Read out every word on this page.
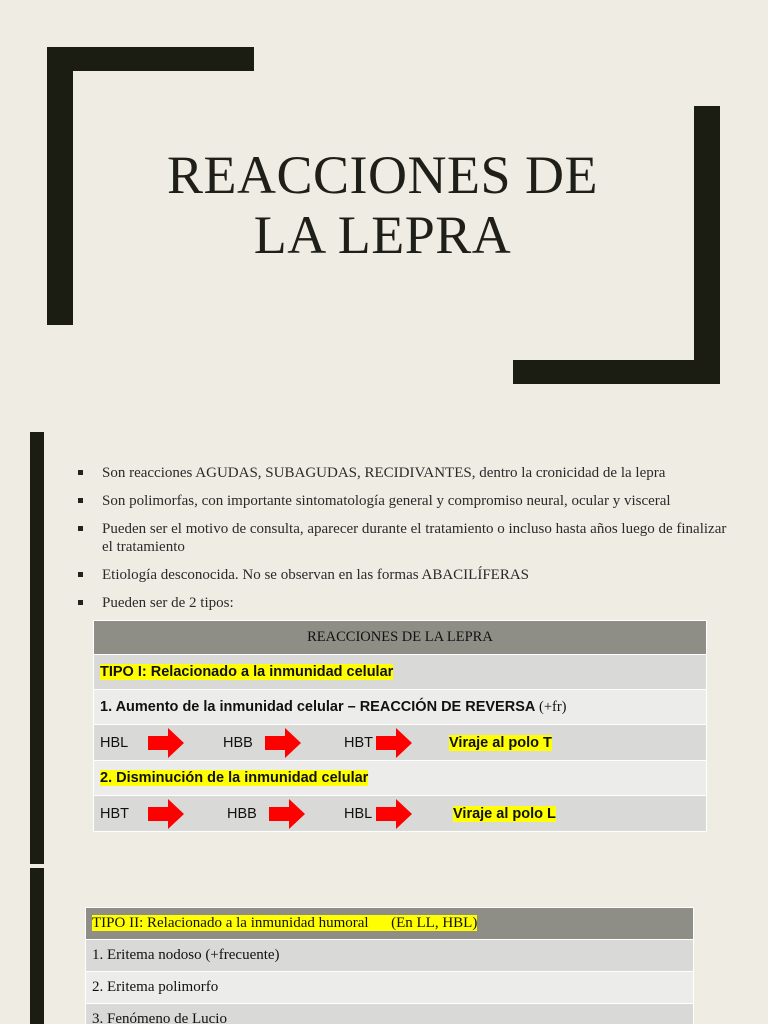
REACCIONES DE
LA LEPRA
Son reacciones AGUDAS, SUBAGUDAS, RECIDIVANTES, dentro la cronicidad de la lepra
Son polimorfas, con importante sintomatología general y compromiso neural, ocular y visceral
Pueden ser el motivo de consulta, aparecer durante el tratamiento o incluso hasta años luego de finalizar el tratamiento
Etiología desconocida. No se observan en las formas ABACILÍFERAS
Pueden ser de 2 tipos:
REACCIONES DE LA LEPRA
TIPO I: Relacionado a la inmunidad celular
1. Aumento de la inmunidad celular – REACCIÓN DE REVERSA (+fr)

HBL	HBB	HBT	Viraje al polo T

2. Disminución de la inmunidad celular

HBT	HBB	HBL	Viraje al polo L
TIPO II: Relacionado a la inmunidad humoral      (En LL, HBL)
1. Eritema nodoso (+frecuente)
2. Eritema polimorfo
3. Fenómeno de Lucio
